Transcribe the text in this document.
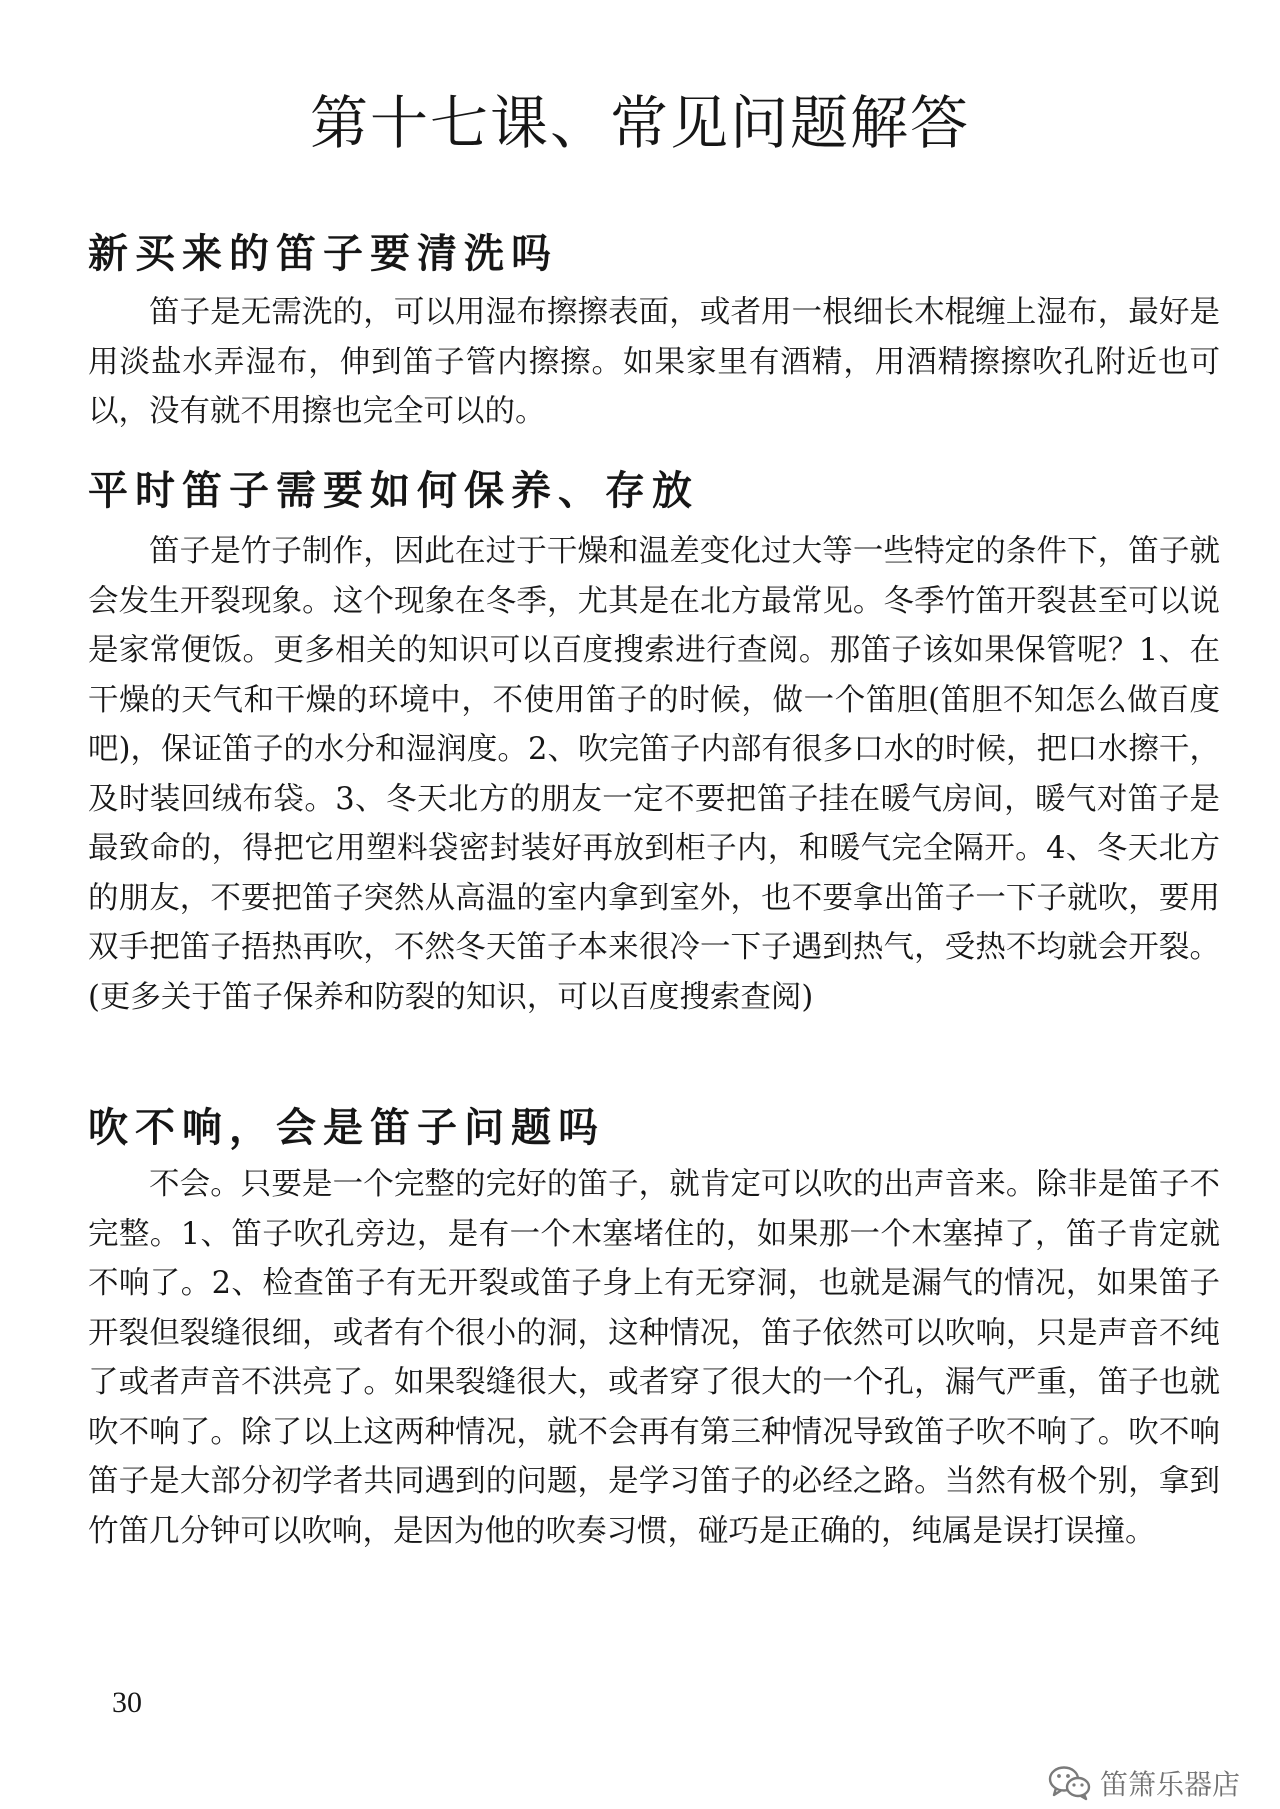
第十七课、常见问题解答
新买来的笛子要清洗吗

笛子是无需洗的，可以用湿布擦擦表面，或者用一根细长木棍缠上湿布，最好是用淡盐水弄湿布，伸到笛子管内擦擦。如果家里有酒精，用酒精擦擦吹孔附近也可以，没有就不用擦也完全可以的。

平时笛子需要如何保养、存放

笛子是竹子制作，因此在过于干燥和温差变化过大等一些特定的条件下，笛子就会发生开裂现象。这个现象在冬季，尤其是在北方最常见。冬季竹笛开裂甚至可以说是家常便饭。更多相关的知识可以百度搜索进行查阅。那笛子该如果保管呢？1、在干燥的天气和干燥的环境中，不使用笛子的时候，做一个笛胆(笛胆不知怎么做百度吧)，保证笛子的水分和湿润度。2、吹完笛子内部有很多口水的时候，把口水擦干，及时装回绒布袋。3、冬天北方的朋友一定不要把笛子挂在暖气房间，暖气对笛子是最致命的，得把它用塑料袋密封装好再放到柜子内，和暖气完全隔开。4、冬天北方的朋友，不要把笛子突然从高温的室内拿到室外，也不要拿出笛子一下子就吹，要用双手把笛子捂热再吹，不然冬天笛子本来很冷一下子遇到热气，受热不均就会开裂。(更多关于笛子保养和防裂的知识，可以百度搜索查阅)

吹不响，会是笛子问题吗

不会。只要是一个完整的完好的笛子，就肯定可以吹的出声音来。除非是笛子不完整。1、笛子吹孔旁边，是有一个木塞堵住的，如果那一个木塞掉了，笛子肯定就不响了。2、检查笛子有无开裂或笛子身上有无穿洞，也就是漏气的情况，如果笛子开裂但裂缝很细，或者有个很小的洞，这种情况，笛子依然可以吹响，只是声音不纯了或者声音不洪亮了。如果裂缝很大，或者穿了很大的一个孔，漏气严重，笛子也就吹不响了。除了以上这两种情况，就不会再有第三种情况导致笛子吹不响了。吹不响笛子是大部分初学者共同遇到的问题，是学习笛子的必经之路。当然有极个别，拿到竹笛几分钟可以吹响，是因为他的吹奏习惯，碰巧是正确的，纯属是误打误撞。

30
笛箫乐器店
